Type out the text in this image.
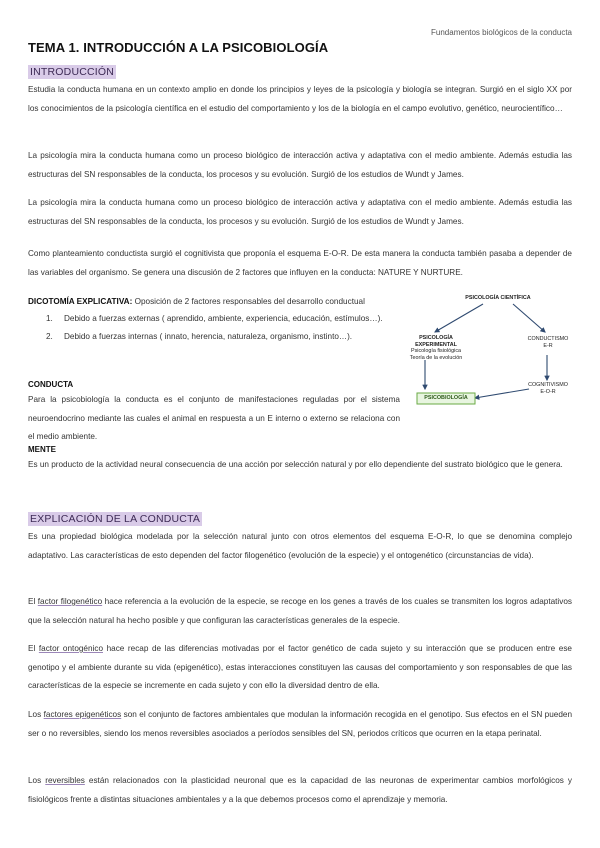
Fundamentos biológicos de la conducta
TEMA 1. INTRODUCCIÓN A LA PSICOBIOLOGÍA
INTRODUCCIÓN
Estudia la conducta humana en un contexto amplio en donde los principios y leyes de la psicología y biología se integran. Surgió en el siglo XX por los conocimientos de la psicología científica en el estudio del comportamiento y los de la biología en el campo evolutivo, genético, neurocientífico…
La psicología mira la conducta humana como un proceso biológico de interacción activa y adaptativa con el medio ambiente. Además estudia las estructuras del SN responsables de la conducta, los procesos y su evolución. Surgió de los estudios de Wundt y James.
La psicología mira la conducta humana como un proceso biológico de interacción activa y adaptativa con el medio ambiente. Además estudia las estructuras del SN responsables de la conducta, los procesos y su evolución. Surgió de los estudios de Wundt y James.
Como planteamiento conductista surgió el cognitivista que proponía el esquema E-O-R. De esta manera la conducta también pasaba a depender de las variables del organismo. Se genera una discusión de 2 factores que influyen en la conducta: NATURE Y NURTURE.
DICOTOMÍA EXPLICATIVA: Oposición de 2 factores responsables del desarrollo conductual
1. Debido a fuerzas externas ( aprendido, ambiente, experiencia, educación, estímulos…).
2. Debido a fuerzas internas ( innato, herencia, naturaleza, organismo, instinto…).
PSICOLOGÍA CIENTÍFICA
PSICOLOGÍA EXPERIMENTAL
Psicología fisiológica
Teoría de la evolución
CONDUCTISMO
E-R
COGNITIVISMO
E-O-R
PSICOBIOLOGÍA
CONDUCTA
Para la psicobiología la conducta es el conjunto de manifestaciones reguladas por el sistema neuroendocrino mediante las cuales el animal en respuesta a un E interno o externo se relaciona con el medio ambiente.
MENTE
Es un producto de la actividad neural consecuencia de una acción por selección natural y por ello dependiente del sustrato biológico que le genera.
EXPLICACIÓN DE LA CONDUCTA
Es una propiedad biológica modelada por la selección natural junto con otros elementos del esquema E-O-R, lo que se denomina complejo adaptativo. Las características de esto dependen del factor filogenético (evolución de la especie) y el ontogenético (circunstancias de vida).
El factor filogenético hace referencia a la evolución de la especie, se recoge en los genes a través de los cuales se transmiten los logros adaptativos que la selección natural ha hecho posible y que configuran las características generales de la especie.
El factor ontogénico hace recap de las diferencias motivadas por el factor genético de cada sujeto y su interacción que se producen entre ese genotipo y el ambiente durante su vida (epigenético), estas interacciones constituyen las causas del comportamiento y son responsables de que las características de la especie se incremente en cada sujeto y con ello la diversidad dentro de ella.
Los factores epigenéticos son el conjunto de factores ambientales que modulan la información recogida en el genotipo. Sus efectos en el SN pueden ser o no reversibles, siendo los menos reversibles asociados a períodos sensibles del SN, periodos críticos que ocurren en la etapa perinatal.
Los reversibles están relacionados con la plasticidad neuronal que es la capacidad de las neuronas de experimentar cambios morfológicos y fisiológicos frente a distintas situaciones ambientales y a la que debemos procesos como el aprendizaje y memoria.
